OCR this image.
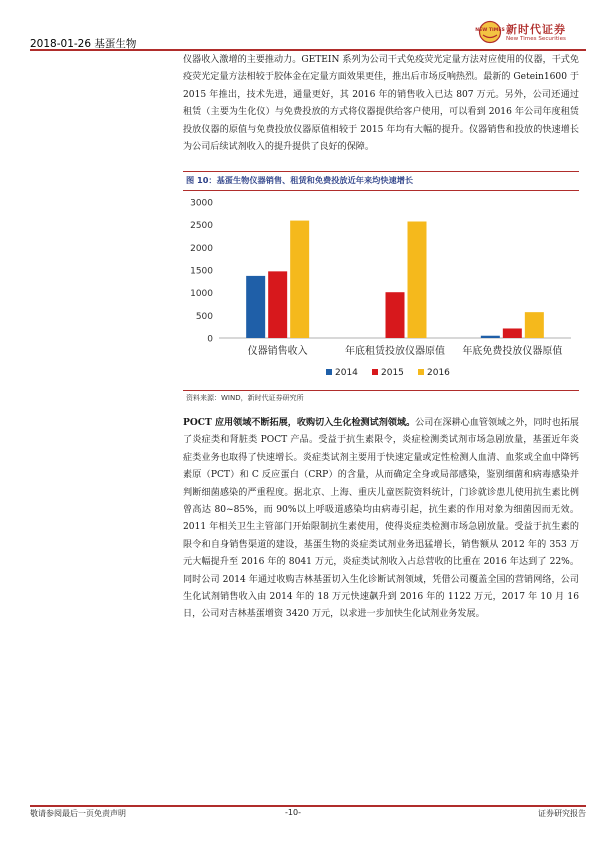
2018-01-26 基蛋生物
NEW TIMES 新时代证券
New Times Securities

仪器收入激增的主要推动力。GETEIN 系列为公司干式免疫荧光定量方法对应使用的仪器，干式免疫荧光定量方法相较于胶体金在定量方面效果更佳，推出后市场反响热烈。最新的 Getein1600 于 2015 年推出，技术先进，通量更好，其 2016 年的销售收入已达 807 万元。另外，公司还通过租赁（主要为生化仪）与免费投放的方式将仪器提供给客户使用，可以看到 2016 年公司年度租赁投放仪器的原值与免费投放仪器原值相较于 2015 年均有大幅的提升。仪器销售和投放的快速增长为公司后续试剂收入的提升提供了良好的保障。

图 10：基蛋生物仪器销售、租赁和免费投放近年来均快速增长
0
500
1000
1500
2000
2500
3000
仪器销售收入	年底租赁投放仪器原值 年底免费投放仪器原值
2014	2015	2016
资料来源：WIND，新时代证券研究所

POCT 应用领域不断拓展，收购切入生化检测试剂领域。公司在深耕心血管领域之外，同时也拓展了炎症类和肾脏类 POCT 产品。受益于抗生素限令，炎症检测类试剂市场急剧放量，基蛋近年炎症类业务也取得了快速增长。炎症类试剂主要用于快速定量或定性检测人血清、血浆或全血中降钙素原（PCT）和 C 反应蛋白（CRP）的含量，从而确定全身或局部感染，鉴别细菌和病毒感染并判断细菌感染的严重程度。据北京、上海、重庆儿童医院资料统计，门诊就诊患儿使用抗生素比例曾高达 80~85%，而 90%以上呼吸道感染均由病毒引起，抗生素的作用对象为细菌因而无效。2011 年相关卫生主管部门开始限制抗生素使用，使得炎症类检测市场急剧放量。受益于抗生素的限令和自身销售渠道的建设，基蛋生物的炎症类试剂业务迅猛增长，销售额从 2012 年的 353 万元大幅提升至 2016 年的 8041 万元，炎症类试剂收入占总营收的比重在 2016 年达到了 22%。同时公司 2014 年通过收购吉林基蛋切入生化诊断试剂领域，凭借公司覆盖全国的营销网络，公司生化试剂销售收入由 2014 年的 18 万元快速飙升到 2016 年的 1122 万元，2017 年 10 月 16 日，公司对吉林基蛋增资 3420 万元，以求进一步加快生化试剂业务发展。

敬请参阅最后一页免责声明	-10-	证券研究报告
